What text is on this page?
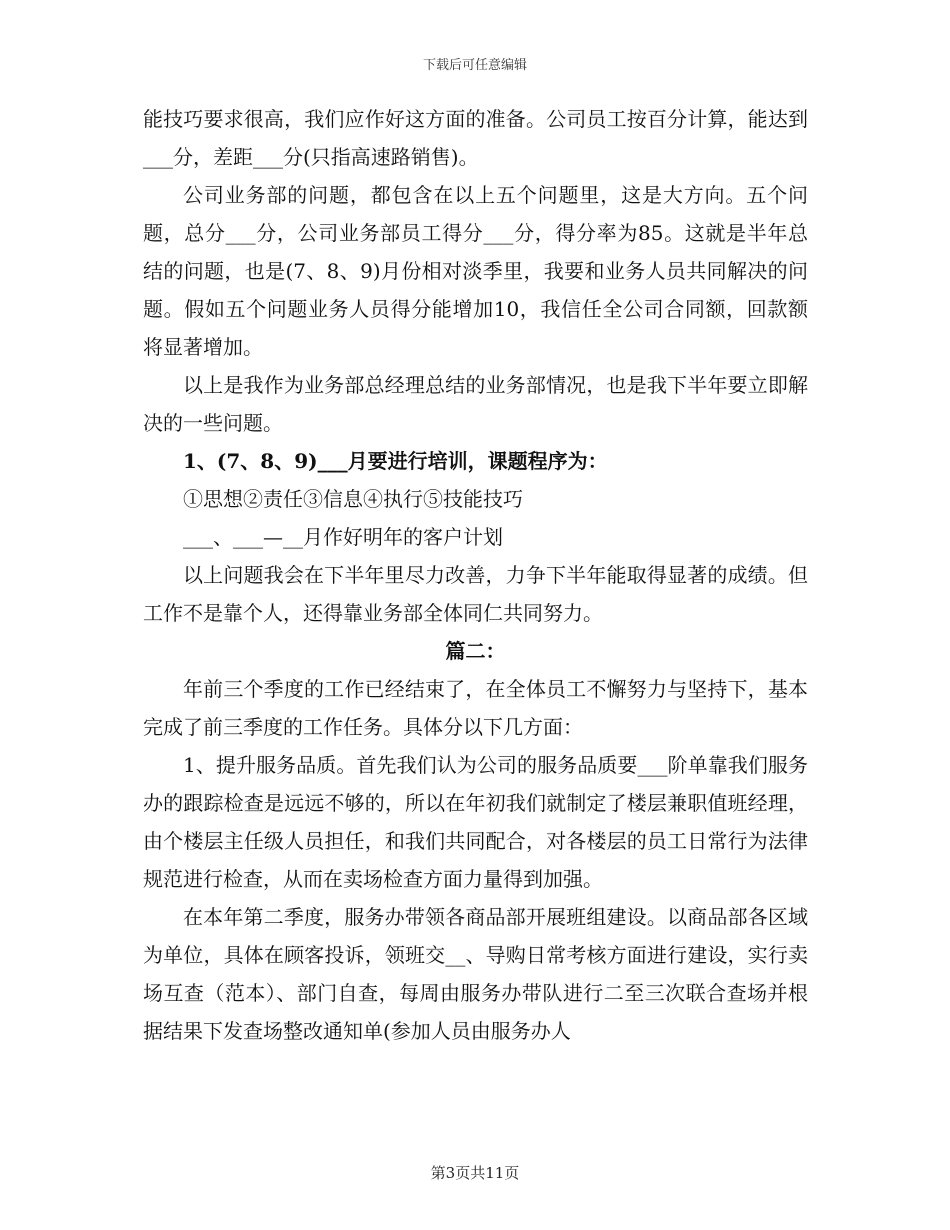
下载后可任意编辑

能技巧要求很高，我们应作好这方面的准备。公司员工按百分计算，能达到___分，差距___分(只指高速路销售)。

公司业务部的问题，都包含在以上五个问题里，这是大方向。五个问题，总分___分，公司业务部员工得分___分，得分率为85。这就是半年总结的问题，也是(7、8、9)月份相对淡季里，我要和业务人员共同解决的问题。假如五个问题业务人员得分能增加10，我信任全公司合同额，回款额将显著增加。

以上是我作为业务部总经理总结的业务部情况，也是我下半年要立即解决的一些问题。

1、(7、8、9)___月要进行培训，课题程序为：

①思想②责任③信息④执行⑤技能技巧

___、___—__月作好明年的客户计划

以上问题我会在下半年里尽力改善，力争下半年能取得显著的成绩。但工作不是靠个人，还得靠业务部全体同仁共同努力。

篇二：

年前三个季度的工作已经结束了，在全体员工不懈努力与坚持下，基本完成了前三季度的工作任务。具体分以下几方面：

1、提升服务品质。首先我们认为公司的服务品质要___阶单靠我们服务办的跟踪检查是远远不够的，所以在年初我们就制定了楼层兼职值班经理，由个楼层主任级人员担任，和我们共同配合，对各楼层的员工日常行为法律规范进行检查，从而在卖场检查方面力量得到加强。

在本年第二季度，服务办带领各商品部开展班组建设。以商品部各区域为单位，具体在顾客投诉，领班交__、导购日常考核方面进行建设，实行卖场互查（范本）、部门自查，每周由服务办带队进行二至三次联合查场并根据结果下发查场整改通知单(参加人员由服务办人

第3页共11页
